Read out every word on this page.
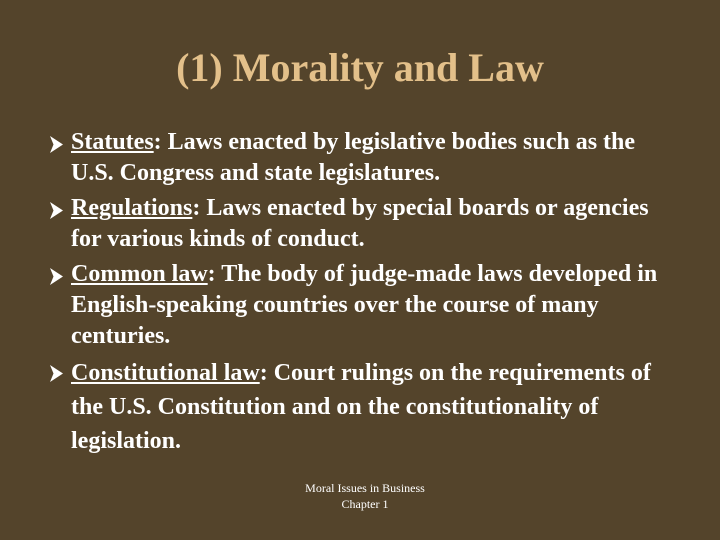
(1) Morality and Law
Statutes: Laws enacted by legislative bodies such as the U.S. Congress and state legislatures.
Regulations: Laws enacted by special boards or agencies for various kinds of conduct.
Common law: The body of judge-made laws developed in English-speaking countries over the course of many centuries.
Constitutional law: Court rulings on the requirements of the U.S. Constitution and on the constitutionality of legislation.
Moral Issues in Business
Chapter 1
